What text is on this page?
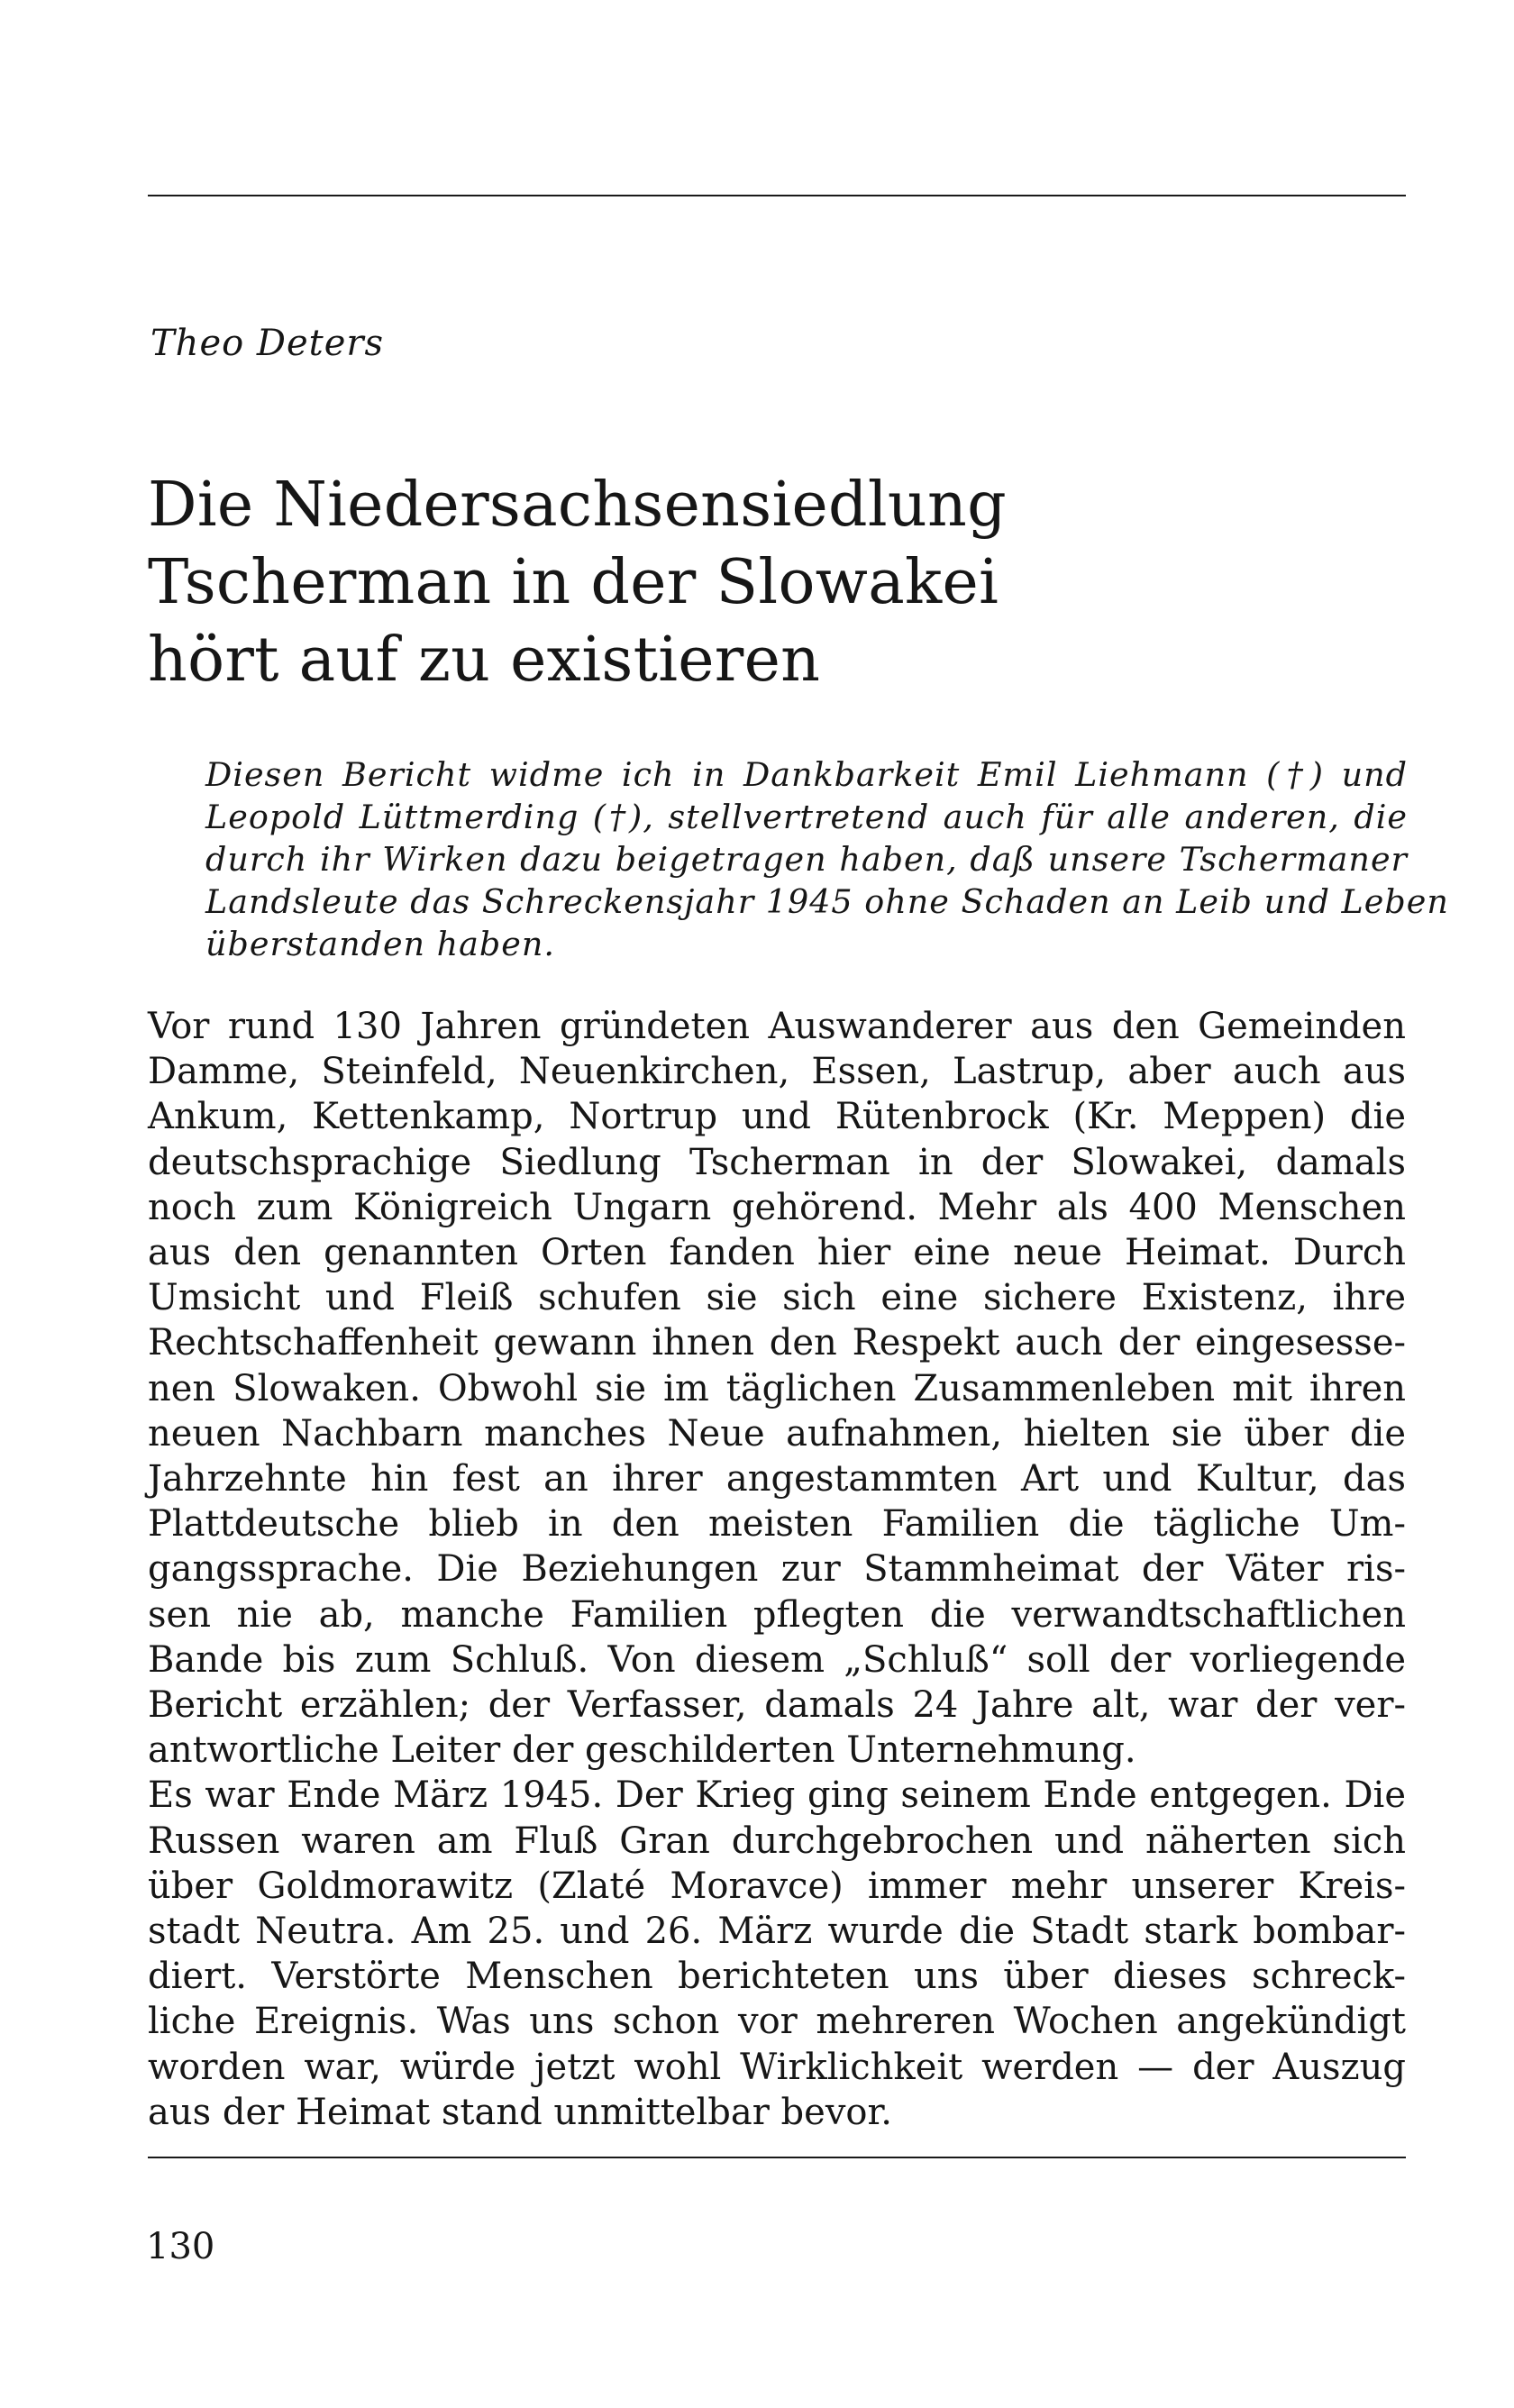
Theo Deters
Die Niedersachsensiedlung
Tscherman in der Slowakei
hört auf zu existieren
Diesen Bericht widme ich in Dankbarkeit Emil Liehmann (†) und
Leopold Lüttmerding (†), stellvertretend auch für alle anderen, die
durch ihr Wirken dazu beigetragen haben, daß unsere Tschermaner
Landsleute das Schreckensjahr 1945 ohne Schaden an Leib und Leben
überstanden haben.
Vor rund 130 Jahren gründeten Auswanderer aus den Gemeinden
Damme, Steinfeld, Neuenkirchen, Essen, Lastrup, aber auch aus
Ankum, Kettenkamp, Nortrup und Rütenbrock (Kr. Meppen) die
deutschsprachige Siedlung Tscherman in der Slowakei, damals
noch zum Königreich Ungarn gehörend. Mehr als 400 Menschen
aus den genannten Orten fanden hier eine neue Heimat. Durch
Umsicht und Fleiß schufen sie sich eine sichere Existenz, ihre
Rechtschaffenheit gewann ihnen den Respekt auch der eingesesse-
nen Slowaken. Obwohl sie im täglichen Zusammenleben mit ihren
neuen Nachbarn manches Neue aufnahmen, hielten sie über die
Jahrzehnte hin fest an ihrer angestammten Art und Kultur, das
Plattdeutsche blieb in den meisten Familien die tägliche Um-
gangssprache. Die Beziehungen zur Stammheimat der Väter ris-
sen nie ab, manche Familien pflegten die verwandtschaftlichen
Bande bis zum Schluß. Von diesem „Schluß“ soll der vorliegende
Bericht erzählen; der Verfasser, damals 24 Jahre alt, war der ver-
antwortliche Leiter der geschilderten Unternehmung.
Es war Ende März 1945. Der Krieg ging seinem Ende entgegen. Die
Russen waren am Fluß Gran durchgebrochen und näherten sich
über Goldmorawitz (Zlaté Moravce) immer mehr unserer Kreis-
stadt Neutra. Am 25. und 26. März wurde die Stadt stark bombar-
diert. Verstörte Menschen berichteten uns über dieses schreck-
liche Ereignis. Was uns schon vor mehreren Wochen angekündigt
worden war, würde jetzt wohl Wirklichkeit werden — der Auszug
aus der Heimat stand unmittelbar bevor.
130
